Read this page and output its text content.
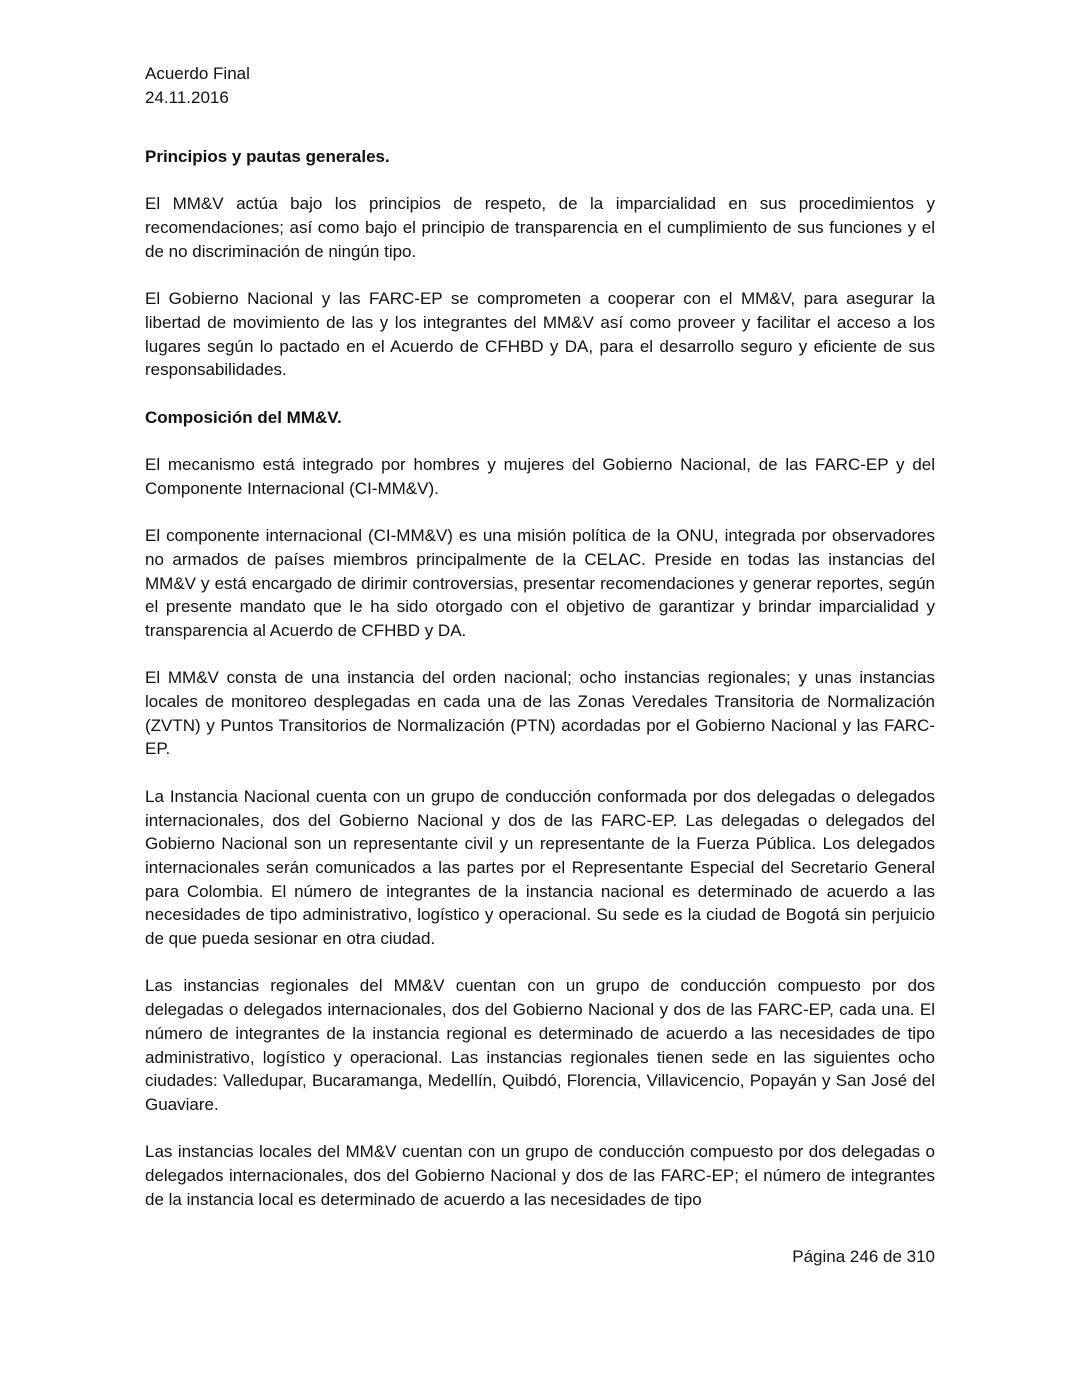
Acuerdo Final
24.11.2016
Principios y pautas generales.

El MM&V actúa bajo los principios de respeto, de la imparcialidad en sus procedimientos y recomendaciones; así como bajo el principio de transparencia en el cumplimiento de sus funciones y el de no discriminación de ningún tipo.

El Gobierno Nacional y las FARC-EP se comprometen a cooperar con el MM&V, para asegurar la libertad de movimiento de las y los integrantes del MM&V así como proveer y facilitar el acceso a los lugares según lo pactado en el Acuerdo de CFHBD y DA, para el desarrollo seguro y eficiente de sus responsabilidades.

Composición del MM&V.

El mecanismo está integrado por hombres y mujeres del Gobierno Nacional, de las FARC-EP y del Componente Internacional (CI-MM&V).

El componente internacional (CI-MM&V) es una misión política de la ONU, integrada por observadores no armados de países miembros principalmente de la CELAC. Preside en todas las instancias del MM&V y está encargado de dirimir controversias, presentar recomendaciones y generar reportes, según el presente mandato que le ha sido otorgado con el objetivo de garantizar y brindar imparcialidad y transparencia al Acuerdo de CFHBD y DA.

El MM&V consta de una instancia del orden nacional; ocho instancias regionales; y unas instancias locales de monitoreo desplegadas en cada una de las Zonas Veredales Transitoria de Normalización (ZVTN) y Puntos Transitorios de Normalización (PTN) acordadas por el Gobierno Nacional y las FARC-EP.

La Instancia Nacional cuenta con un grupo de conducción conformada por dos delegadas o delegados internacionales, dos del Gobierno Nacional y dos de las FARC-EP. Las delegadas o delegados del Gobierno Nacional son un representante civil y un representante de la Fuerza Pública. Los delegados internacionales serán comunicados a las partes por el Representante Especial del Secretario General para Colombia. El número de integrantes de la instancia nacional es determinado de acuerdo a las necesidades de tipo administrativo, logístico y operacional. Su sede es la ciudad de Bogotá sin perjuicio de que pueda sesionar en otra ciudad.

Las instancias regionales del MM&V cuentan con un grupo de conducción compuesto por dos delegadas o delegados internacionales, dos del Gobierno Nacional y dos de las FARC-EP, cada una. El número de integrantes de la instancia regional es determinado de acuerdo a las necesidades de tipo administrativo, logístico y operacional. Las instancias regionales tienen sede en las siguientes ocho ciudades: Valledupar, Bucaramanga, Medellín, Quibdó, Florencia, Villavicencio, Popayán y San José del Guaviare.

Las instancias locales del MM&V cuentan con un grupo de conducción compuesto por dos delegadas o delegados internacionales, dos del Gobierno Nacional y dos de las FARC-EP; el número de integrantes de la instancia local es determinado de acuerdo a las necesidades de tipo

Página 246 de 310
